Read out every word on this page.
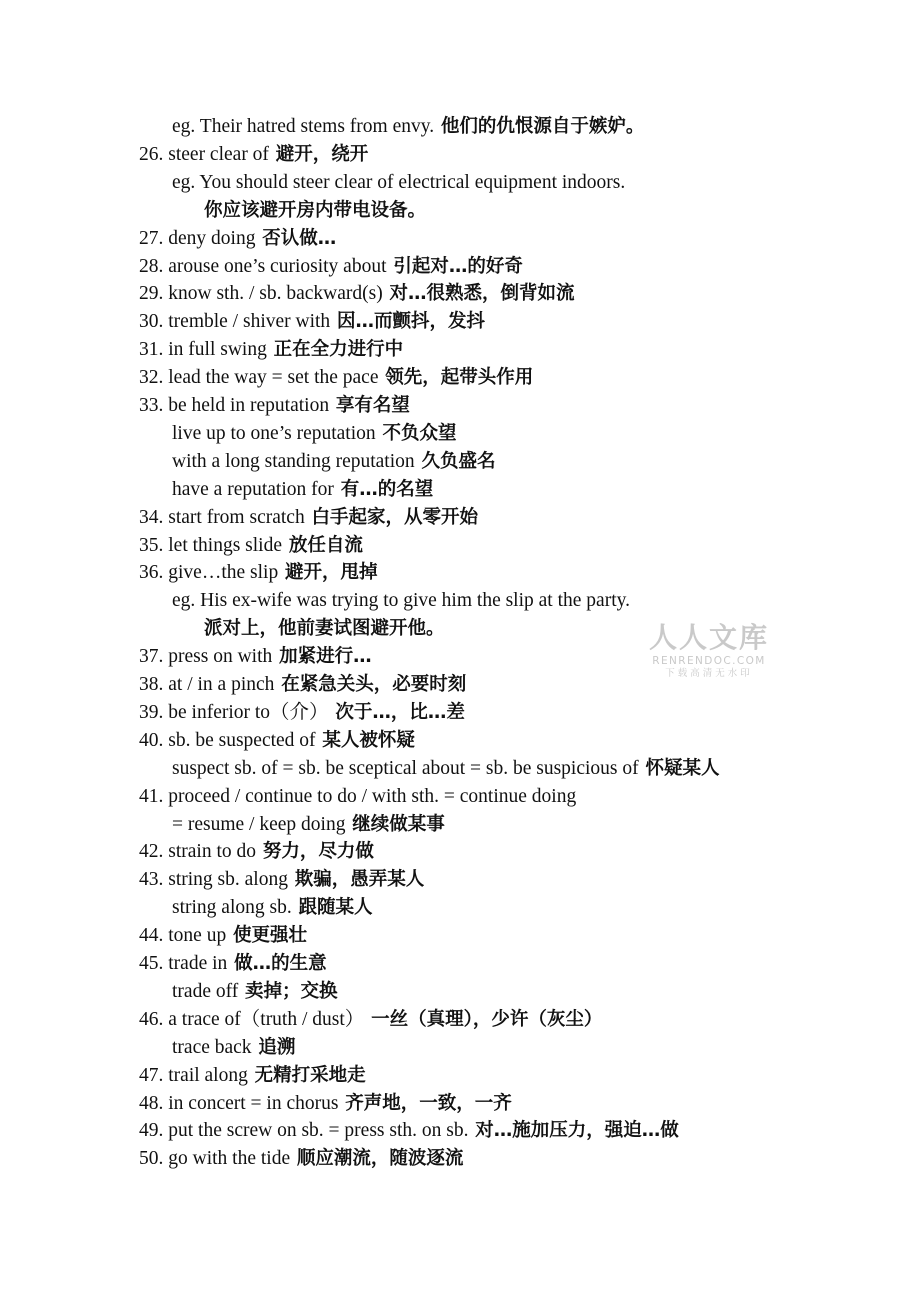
eg. Their hatred stems from envy. 他们的仇恨源自于嫉妒。
26. steer clear of 避开，绕开
eg. You should steer clear of electrical equipment indoors.
你应该避开房内带电设备。
27. deny doing 否认做…
28. arouse one’s curiosity about 引起对…的好奇
29. know sth. / sb. backward(s) 对…很熟悉，倒背如流
30. tremble / shiver with 因…而颤抖，发抖
31. in full swing 正在全力进行中
32. lead the way = set the pace 领先，起带头作用
33. be held in reputation 享有名望
live up to one’s reputation 不负众望
with a long standing reputation 久负盛名
have a reputation for 有…的名望
34. start from scratch 白手起家，从零开始
35. let things slide 放任自流
36. give…the slip 避开，甩掉
eg. His ex-wife was trying to give him the slip at the party.
派对上，他前妻试图避开他。
37. press on with 加紧进行…
38. at / in a pinch 在紧急关头，必要时刻
39. be inferior to（介） 次于…，比…差
40. sb. be suspected of 某人被怀疑
suspect sb. of = sb. be sceptical about = sb. be suspicious of 怀疑某人
41. proceed / continue to do / with sth. = continue doing
= resume / keep doing 继续做某事
42. strain to do 努力，尽力做
43. string sb. along 欺骗，愚弄某人
string along sb. 跟随某人
44. tone up 使更强壮
45. trade in 做…的生意
trade off 卖掉；交换
46. a trace of（truth / dust） 一丝（真理），少许（灰尘）
trace back 追溯
47. trail along 无精打采地走
48. in concert = in chorus 齐声地，一致，一齐
49. put the screw on sb. = press sth. on sb. 对…施加压力，强迫…做
50. go with the tide 顺应潮流，随波逐流
人人文库
RENRENDOC.COM
下载高清无水印
